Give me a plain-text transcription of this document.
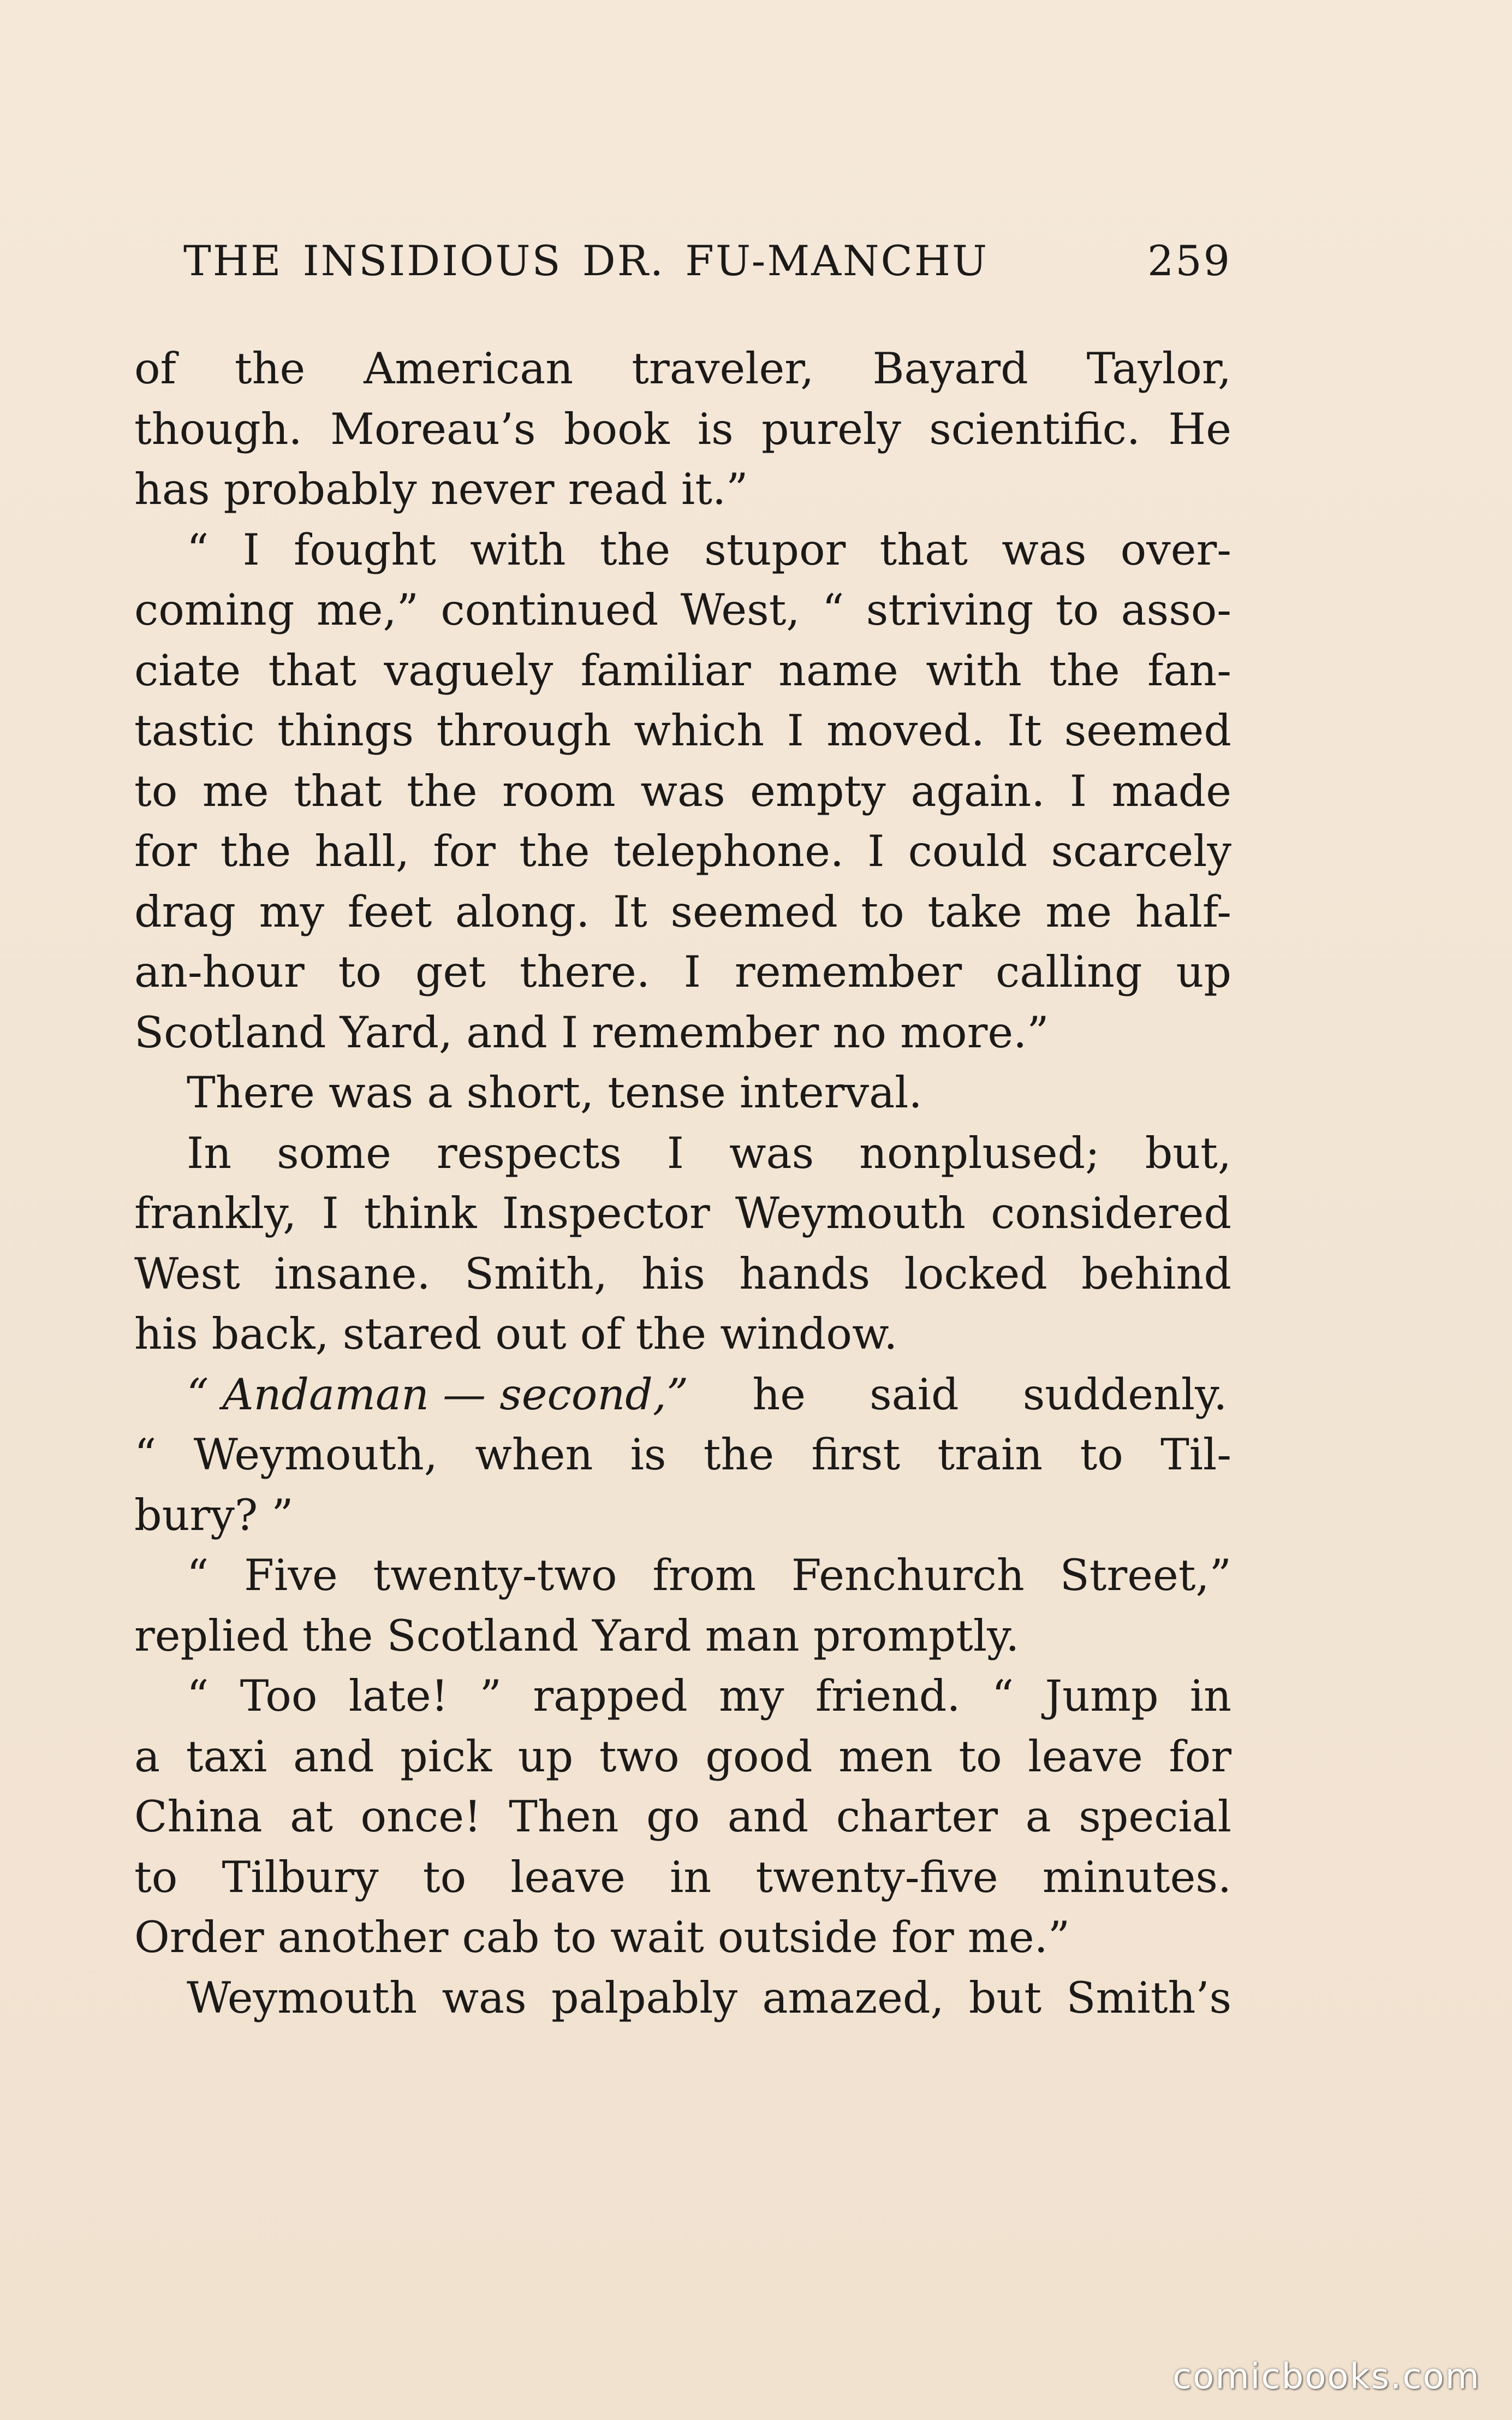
THE INSIDIOUS DR. FU-MANCHU	259
of the American traveler, Bayard Taylor,
though. Moreau’s book is purely scientific. He
has probably never read it.”
“ I fought with the stupor that was over-
coming me,” continued West, “ striving to asso-
ciate that vaguely familiar name with the fan-
tastic things through which I moved. It seemed
to me that the room was empty again. I made
for the hall, for the telephone. I could scarcely
drag my feet along. It seemed to take me half-
an-hour to get there. I remember calling up
Scotland Yard, and I remember no more.”
There was a short, tense interval.
In some respects I was nonplused; but,
frankly, I think Inspector Weymouth considered
West insane. Smith, his hands locked behind
his back, stared out of the window.
“ Andaman — second,” he said suddenly.
“ Weymouth, when is the first train to Til-
bury? ”
“ Five twenty-two from Fenchurch Street,”
replied the Scotland Yard man promptly.
“ Too late! ” rapped my friend. “ Jump in
a taxi and pick up two good men to leave for
China at once! Then go and charter a special
to Tilbury to leave in twenty-five minutes.
Order another cab to wait outside for me.”
Weymouth was palpably amazed, but Smith’s
comicbooks.com
